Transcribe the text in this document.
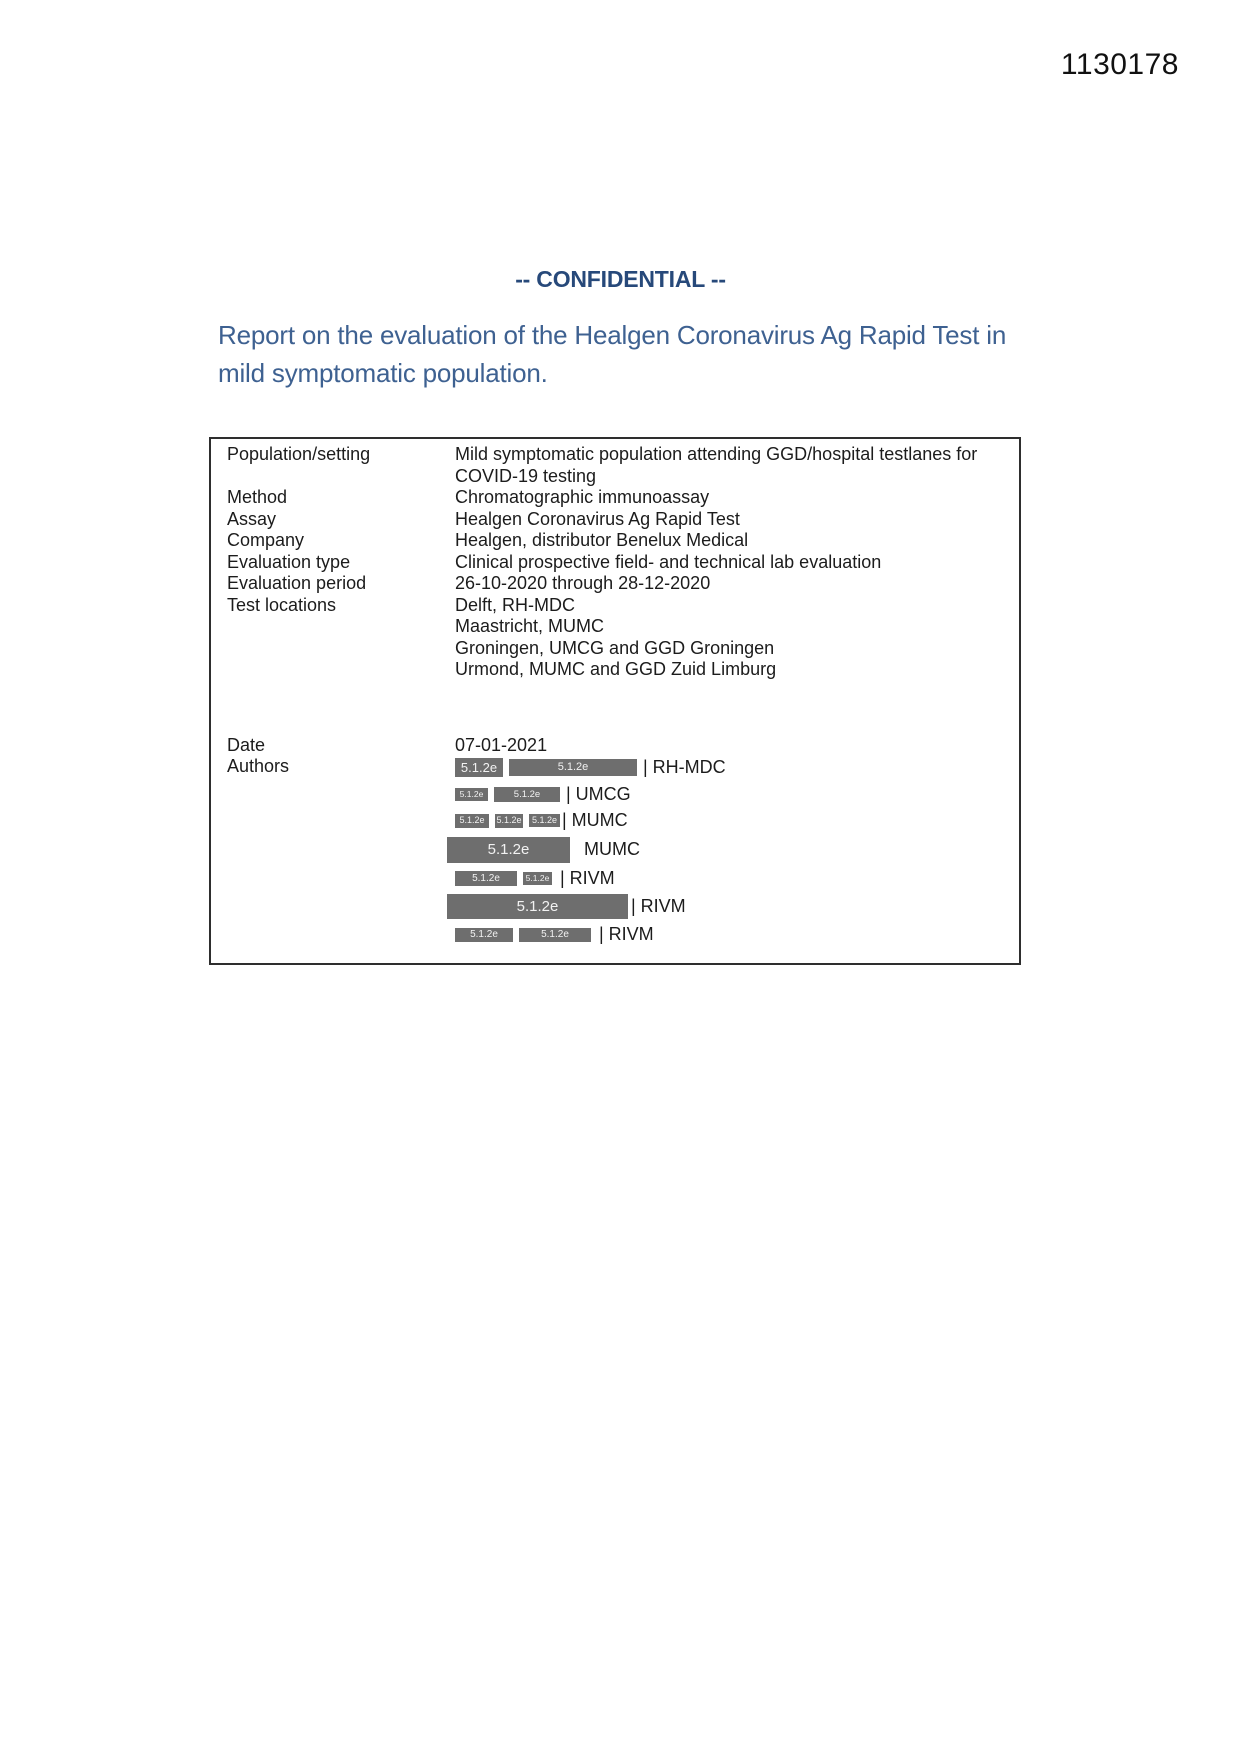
1130178
-- CONFIDENTIAL --
Report on the evaluation of the Healgen Coronavirus Ag Rapid Test in
mild symptomatic population.
Population/setting	Mild symptomatic population attending GGD/hospital testlanes for
COVID-19 testing
Method	Chromatographic immunoassay
Assay	Healgen Coronavirus Ag Rapid Test
Company	Healgen, distributor Benelux Medical
Evaluation type	Clinical prospective field- and technical lab evaluation
Evaluation period	26-10-2020 through 28-12-2020
Test locations	Delft, RH-MDC
Maastricht, MUMC
Groningen, UMCG and GGD Groningen
Urmond, MUMC and GGD Zuid Limburg
Date	07-01-2021
Authors	5.1.2e	5.1.2e	| RH-MDC
5.1.2e	5.1.2e	| UMCG
5.1.2e	5.1.2e	5.1.2e | MUMC
5.1.2e	MUMC
5.1.2e	5.1.2e | RIVM
5.1.2e	| RIVM
5.1.2e	5.1.2e	| RIVM
